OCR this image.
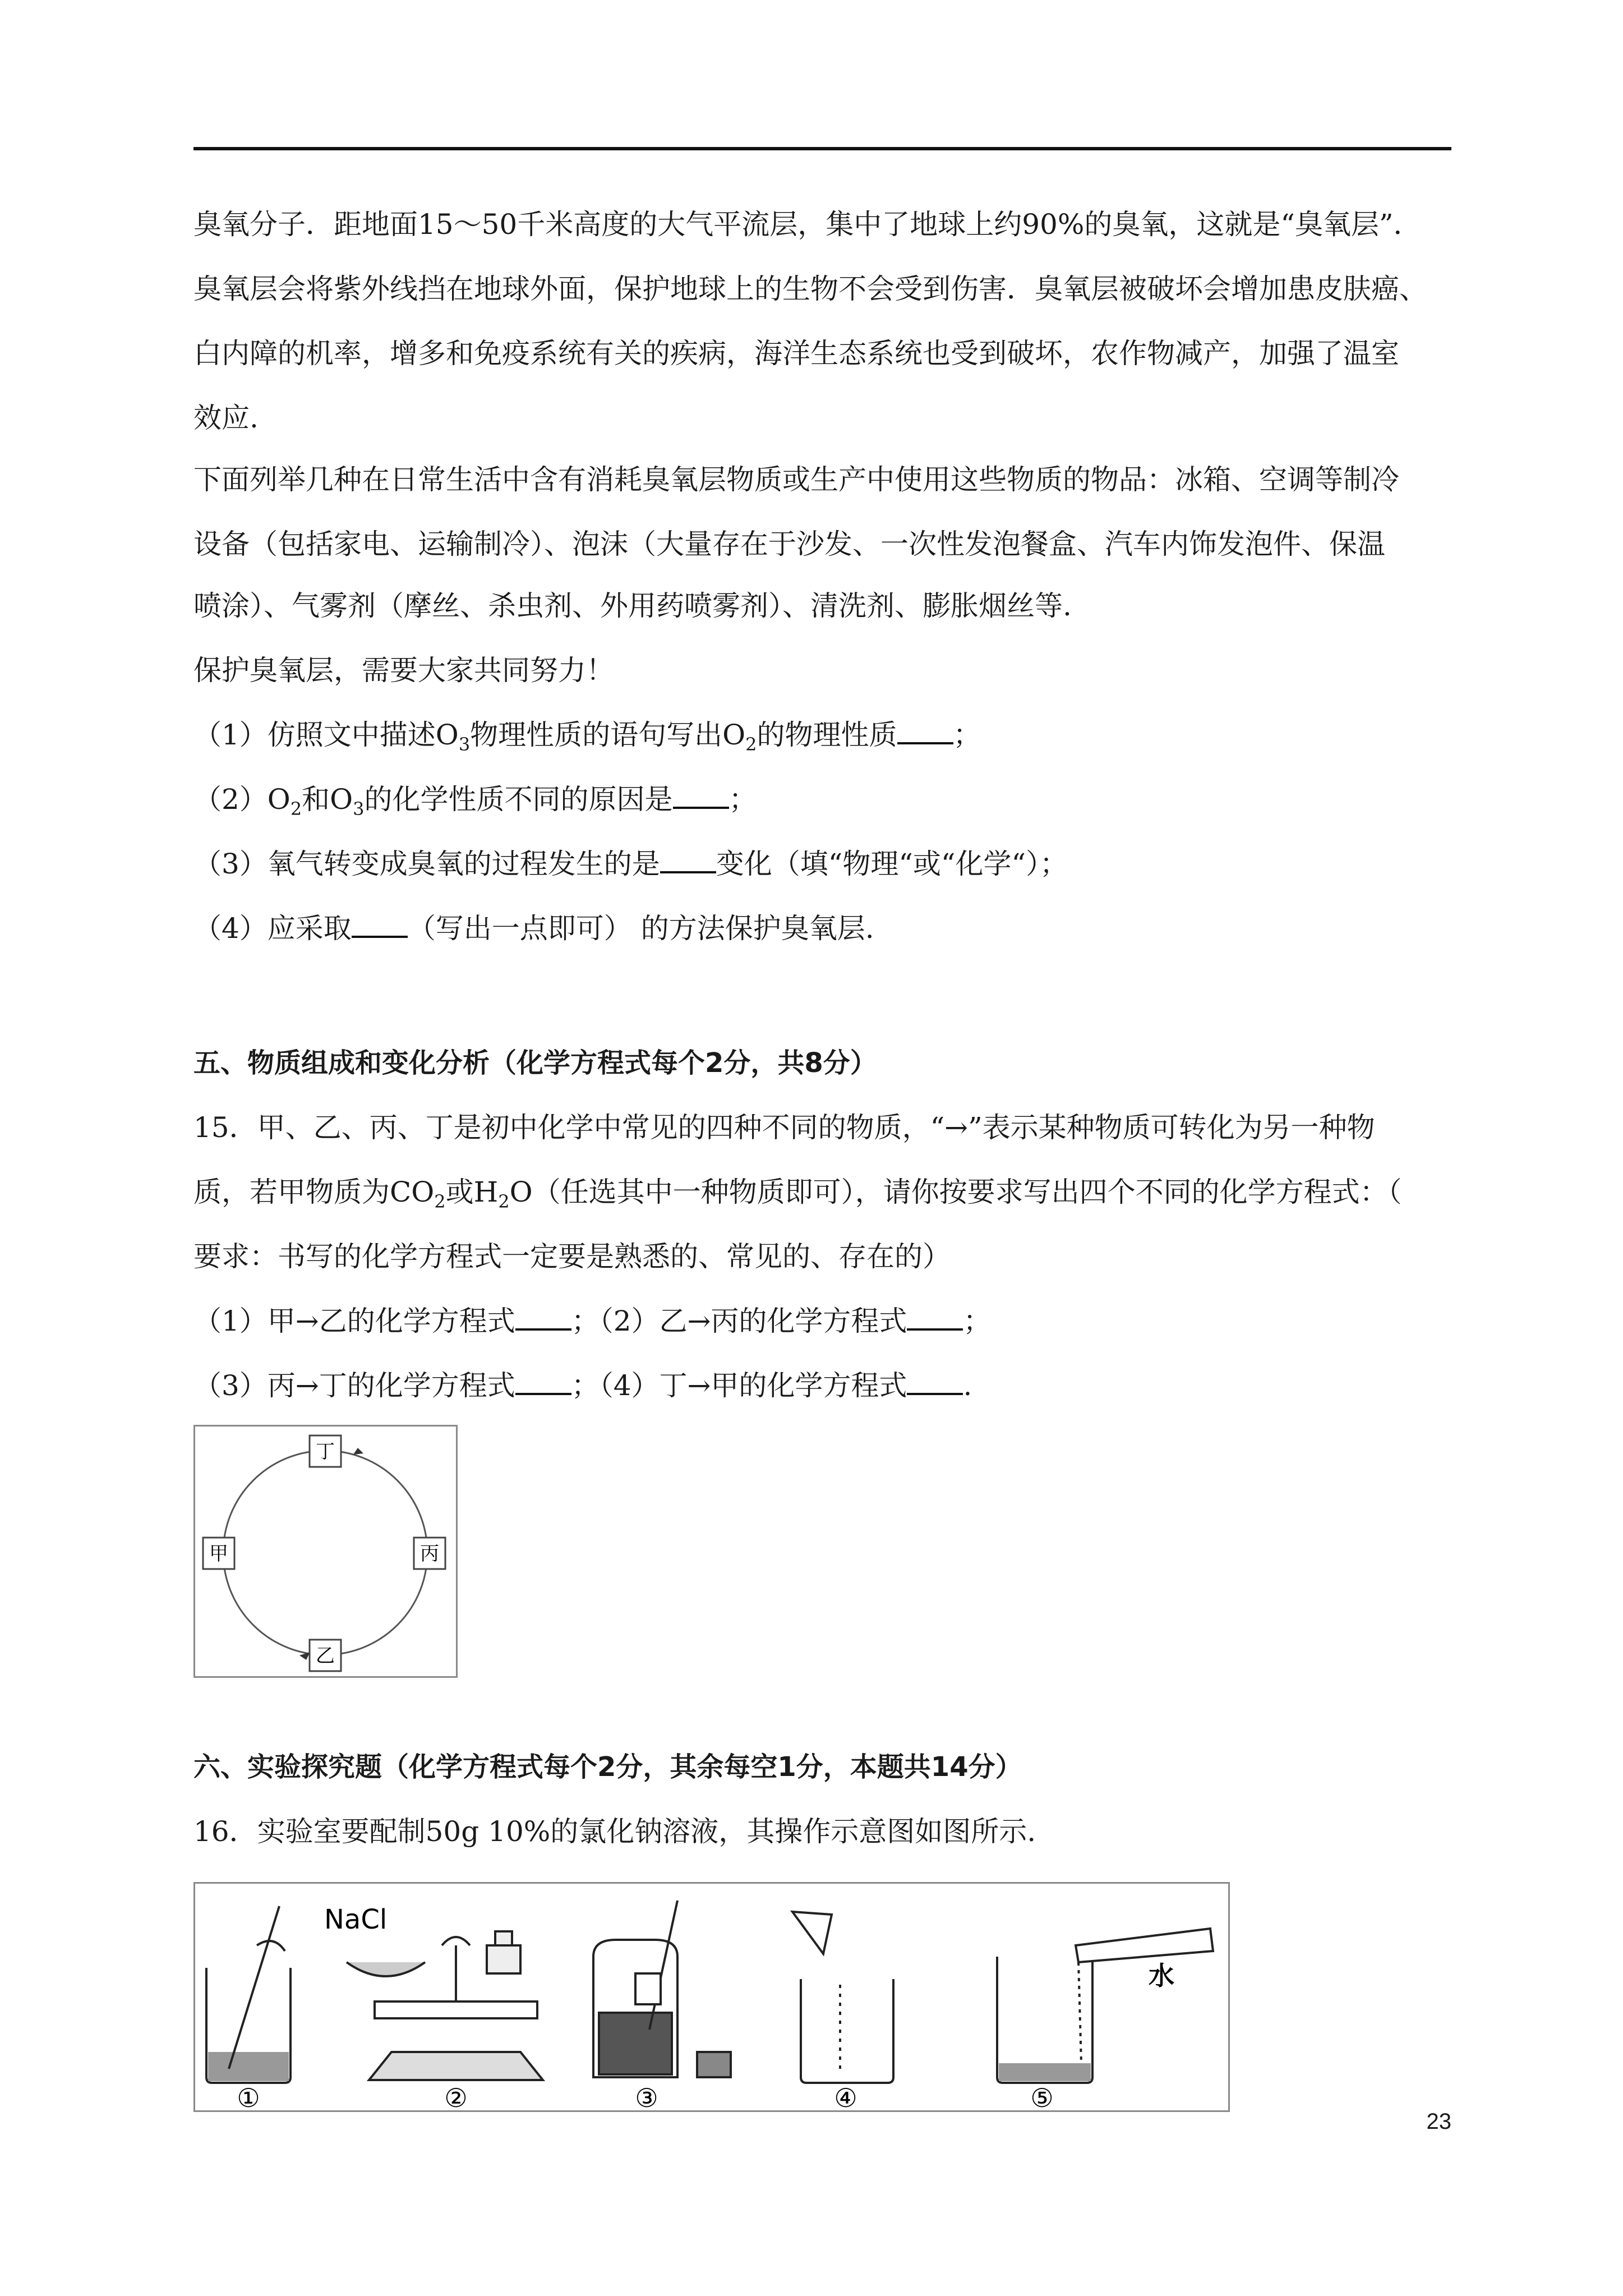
臭氧分子．距地面15～50千米高度的大气平流层，集中了地球上约90%的臭氧，这就是“臭氧层”．
臭氧层会将紫外线挡在地球外面，保护地球上的生物不会受到伤害．臭氧层被破坏会增加患皮肤癌、
白内障的机率，增多和免疫系统有关的疾病，海洋生态系统也受到破坏，农作物减产，加强了温室
效应.
下面列举几种在日常生活中含有消耗臭氧层物质或生产中使用这些物质的物品：冰箱、空调等制冷
设备（包括家电、运输制冷）、泡沫（大量存在于沙发、一次性发泡餐盒、汽车内饰发泡件、保温
喷涂）、气雾剂（摩丝、杀虫剂、外用药喷雾剂）、清洗剂、膨胀烟丝等.
保护臭氧层，需要大家共同努力！
（1）仿照文中描述$O_3$物理性质的语句写出$O_2$的物理性质 ；
$(2)O_2$和$O_3$的化学性质不同的原因是 ；
（3）氧气转变成臭氧的过程发生的是 变化（填“物理“或“化学“）；
（4）应采取 （写出一点即可） 的方法保护臭氧层.
五、物质组成和变化分析（化学方程式每个2分，共8分）
15．甲、乙、丙、丁是初中化学中常见的四种不同的物质，“→”表示某种物质可转化为另一种物
质，若甲物质为$CO_2$或$H_2O$（任选其中一种物质即可），请你按要求写出四个不同的化学方程式：（
要求：书写的化学方程式一定要是熟悉的、常见的、存在的）
（1）甲→乙的化学方程式 ；（2）乙→丙的化学方程式 ；
（3）丙→丁的化学方程式 ；（4）丁→甲的化学方程式 .
丁
甲	丙
乙
六、实验探究题（化学方程式每个2分，其余每空1分，本题共14分）
16．实验室要配制50g 10%的氯化钠溶液，其操作示意图如图所示.
①
NaCl
②	③	④
水
⑤
23
